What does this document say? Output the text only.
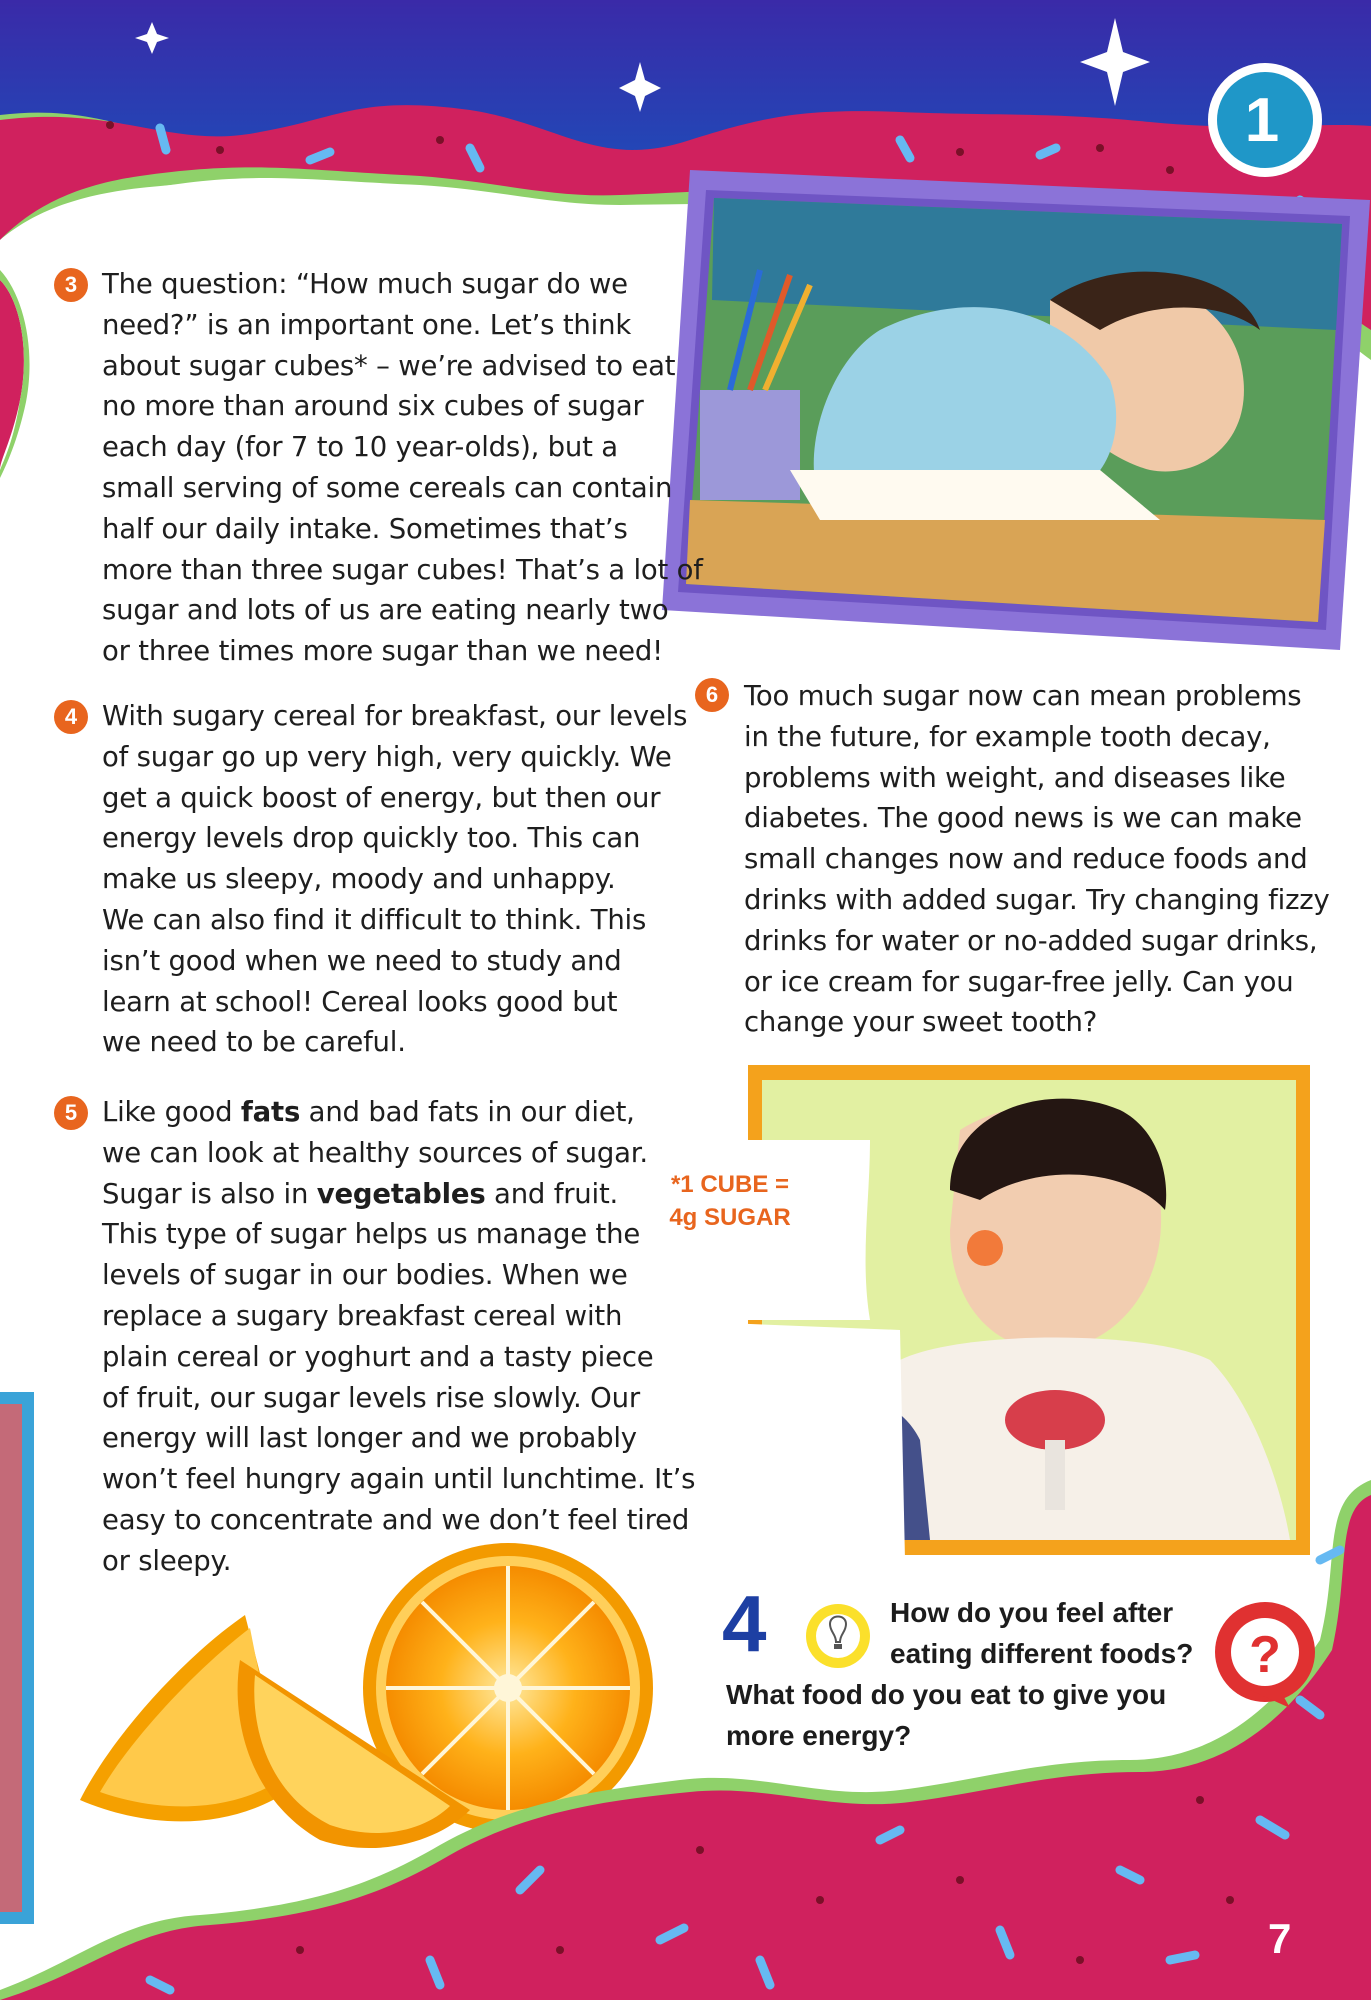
?
1
3 The question: “How much sugar do we
need?” is an important one. Let’s think
about sugar cubes* – we’re advised to eat
no more than around six cubes of sugar
each day (for 7 to 10 year-olds), but a
small serving of some cereals can contain
half our daily intake. Sometimes that’s
more than three sugar cubes! That’s a lot of
sugar and lots of us are eating nearly two
or three times more sugar than we need!
4 With sugary cereal for breakfast, our levels
of sugar go up very high, very quickly. We
get a quick boost of energy, but then our
energy levels drop quickly too. This can
make us sleepy, moody and unhappy.
We can also find it difficult to think. This
isn’t good when we need to study and
learn at school! Cereal looks good but
we need to be careful.
5 Like good fats and bad fats in our diet,
we can look at healthy sources of sugar.
Sugar is also in vegetables and fruit.
This type of sugar helps us manage the
levels of sugar in our bodies. When we
replace a sugary breakfast cereal with
plain cereal or yoghurt and a tasty piece
of fruit, our sugar levels rise slowly. Our
energy will last longer and we probably
won’t feel hungry again until lunchtime. It’s
easy to concentrate and we don’t feel tired
or sleepy.
6 Too much sugar now can mean problems
in the future, for example tooth decay,
problems with weight, and diseases like
diabetes. The good news is we can make
small changes now and reduce foods and
drinks with added sugar. Try changing fizzy
drinks for water or no-added sugar drinks,
or ice cream for sugar-free jelly. Can you
change your sweet tooth?
*1 CUBE =
4g SUGAR
4	How do you feel after
eating different foods?
What food do you eat to give you
more energy?
7
